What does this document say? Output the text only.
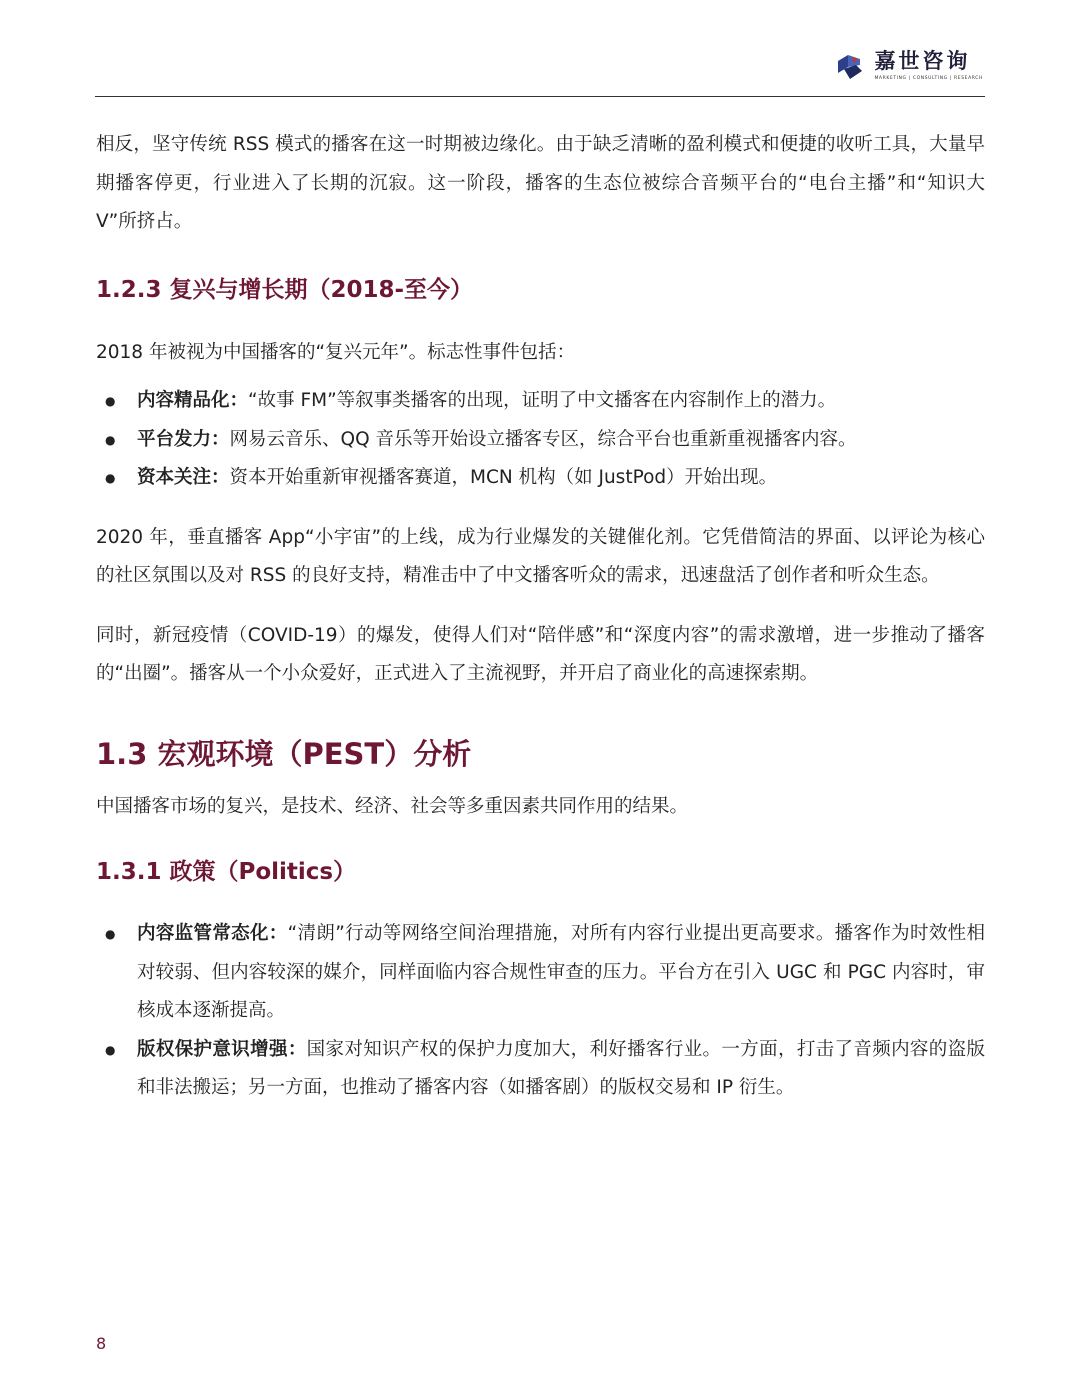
嘉世咨询
MARKETING | CONSULTING | RESEARCH

相反，坚守传统 RSS 模式的播客在这一时期被边缘化。由于缺乏清晰的盈利模式和便捷的收听工具，大量早期播客停更，行业进入了长期的沉寂。这一阶段，播客的生态位被综合音频平台的“电台主播”和“知识大 V”所挤占。

1.2.3 复兴与增长期（2018-至今）

2018 年被视为中国播客的“复兴元年”。标志性事件包括：

● 内容精品化：“故事 FM”等叙事类播客的出现，证明了中文播客在内容制作上的潜力。
● 平台发力：网易云音乐、QQ 音乐等开始设立播客专区，综合平台也重新重视播客内容。
● 资本关注：资本开始重新审视播客赛道，MCN 机构（如 JustPod）开始出现。

2020 年，垂直播客 App“小宇宙”的上线，成为行业爆发的关键催化剂。它凭借简洁的界面、以评论为核心的社区氛围以及对 RSS 的良好支持，精准击中了中文播客听众的需求，迅速盘活了创作者和听众生态。

同时，新冠疫情（COVID-19）的爆发，使得人们对“陪伴感”和“深度内容”的需求激增，进一步推动了播客的“出圈”。播客从一个小众爱好，正式进入了主流视野，并开启了商业化的高速探索期。

1.3 宏观环境（PEST）分析

中国播客市场的复兴，是技术、经济、社会等多重因素共同作用的结果。

1.3.1 政策（Politics）
● 内容监管常态化：“清朗”行动等网络空间治理措施，对所有内容行业提出更高要求。播客作为时效性相对较弱、但内容较深的媒介，同样面临内容合规性审查的压力。平台方在引入 UGC 和 PGC 内容时，审核成本逐渐提高。
● 版权保护意识增强：国家对知识产权的保护力度加大，利好播客行业。一方面，打击了音频内容的盗版和非法搬运；另一方面，也推动了播客内容（如播客剧）的版权交易和 IP 衍生。
8
